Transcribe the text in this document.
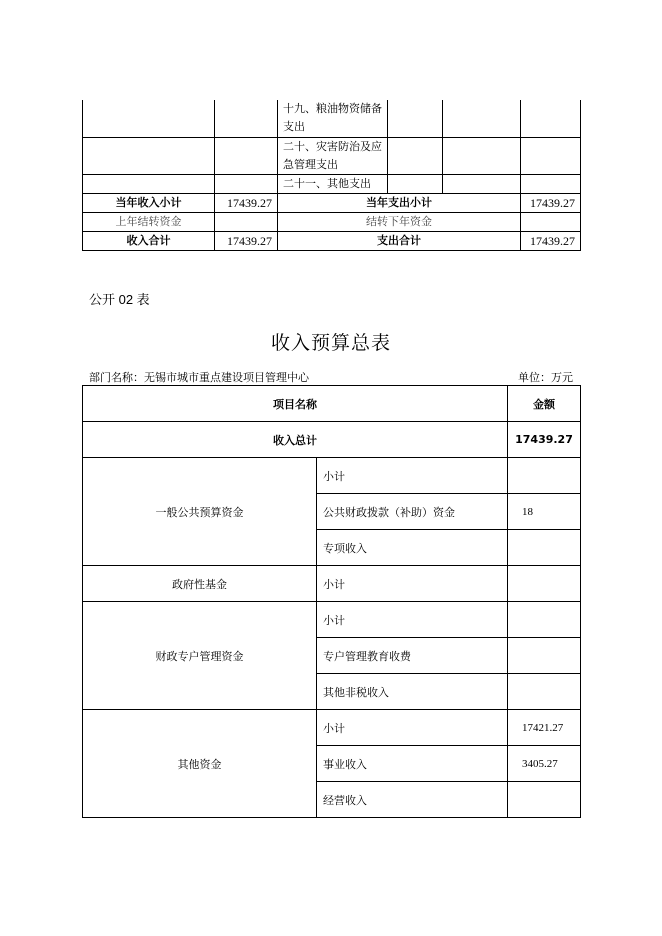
		十九、粮油物资储备支出			
		二十、灾害防治及应急管理支出			
		二十一、其他支出			
当年收入小计	17439.27	当年支出小计			17439.27
上年结转资金		结转下年资金			
收入合计	17439.27	支出合计			17439.27
公开 02 表
收入预算总表
部门名称：无锡市城市重点建设项目管理中心	单位：万元
项目名称		金额
收入总计		17439.27
一般公共预算资金	小计	
	公共财政拨款（补助）资金	18
	专项收入	
政府性基金	小计	
财政专户管理资金	小计	
	专户管理教育收费	
	其他非税收入	
其他资金	小计	17421.27
	事业收入	3405.27
	经营收入	
